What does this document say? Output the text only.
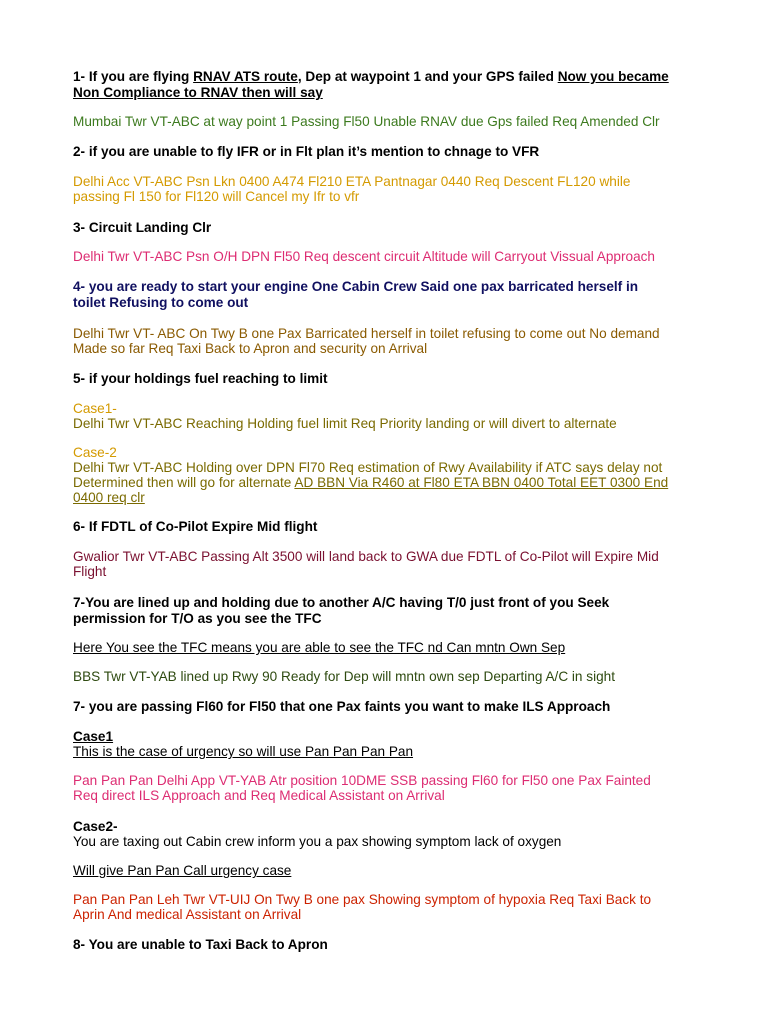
1- If you are flying RNAV ATS route, Dep at waypoint 1 and your GPS failed Now you became

Non Compliance to RNAV then will say

Mumbai Twr VT-ABC at way point 1 Passing Fl50 Unable RNAV due Gps failed Req Amended Clr

2- if you are unable to fly IFR or in Flt plan it’s mention to chnage to VFR

Delhi Acc VT-ABC Psn Lkn 0400 A474 Fl210 ETA Pantnagar 0440 Req Descent FL120 while

passing Fl 150 for Fl120 will Cancel my Ifr to vfr

3- Circuit Landing Clr

Delhi Twr VT-ABC Psn O/H DPN Fl50 Req descent circuit Altitude will Carryout Vissual Approach

4- you are ready to start your engine One Cabin Crew Said one pax barricated herself in

toilet Refusing to come out

Delhi Twr VT- ABC On Twy B one Pax Barricated herself in toilet refusing to come out No demand

Made so far Req Taxi Back to Apron and security on Arrival

5- if your holdings fuel reaching to limit

Case1-

Delhi Twr VT-ABC Reaching Holding fuel limit Req Priority landing or will divert to alternate

Case-2

Delhi Twr VT-ABC Holding over DPN Fl70 Req estimation of Rwy Availability if ATC says delay not

Determined then will go for alternate AD BBN Via R460 at Fl80 ETA BBN 0400 Total EET 0300 End

0400 req clr

6- If FDTL of Co-Pilot Expire Mid flight

Gwalior Twr VT-ABC Passing Alt 3500 will land back to GWA due FDTL of Co-Pilot will Expire Mid

Flight

7-You are lined up and holding due to another A/C having T/0 just front of you Seek

permission for T/O as you see the TFC

Here You see the TFC means you are able to see the TFC nd Can mntn Own Sep

BBS Twr VT-YAB lined up Rwy 90 Ready for Dep will mntn own sep Departing A/C in sight

7- you are passing Fl60 for Fl50 that one Pax faints you want to make ILS Approach

Case1

This is the case of urgency so will use Pan Pan Pan Pan

Pan Pan Pan Delhi App VT-YAB Atr position 10DME SSB passing Fl60 for Fl50 one Pax Fainted

Req direct ILS Approach and Req Medical Assistant on Arrival

Case2-

You are taxing out Cabin crew inform you a pax showing symptom lack of oxygen

Will give Pan Pan Call urgency case

Pan Pan Pan Leh Twr VT-UIJ On Twy B one pax Showing symptom of hypoxia Req Taxi Back to

Aprin And medical Assistant on Arrival

8- You are unable to Taxi Back to Apron
